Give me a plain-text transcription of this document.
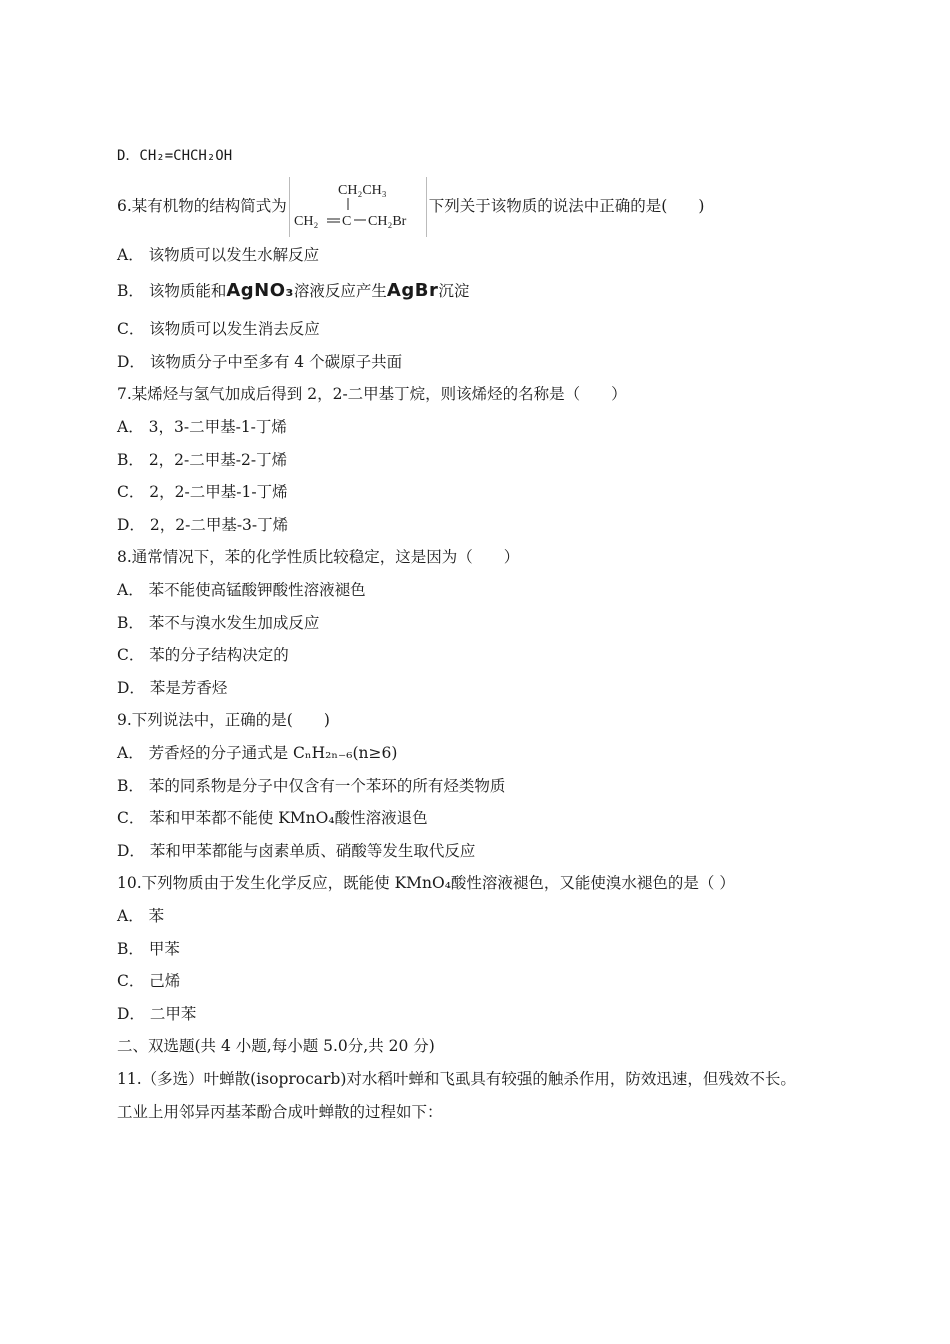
D．CH₂=CHCH₂OH
6.某有机物的结构简式为
CH₂CH₃
CH₂ C CH₂Br
下列关于该物质的说法中正确的是(　　)
A． 该物质可以发生水解反应
B． 该物质能和AgNO₃溶液反应产生AgBr沉淀
C． 该物质可以发生消去反应
D． 该物质分子中至多有 4 个碳原子共面
7.某烯烃与氢气加成后得到 2，2-二甲基丁烷，则该烯烃的名称是（　　）
A． 3，3-二甲基-1-丁烯
B． 2，2-二甲基-2-丁烯
C． 2，2-二甲基-1-丁烯
D． 2，2-二甲基-3-丁烯
8.通常情况下，苯的化学性质比较稳定，这是因为（　　）
A． 苯不能使高锰酸钾酸性溶液褪色
B． 苯不与溴水发生加成反应
C． 苯的分子结构决定的
D． 苯是芳香烃
9.下列说法中，正确的是(　　)
A． 芳香烃的分子通式是 CₙH₂ₙ₋₆(n≥6)
B． 苯的同系物是分子中仅含有一个苯环的所有烃类物质
C． 苯和甲苯都不能使 KMnO₄酸性溶液退色
D． 苯和甲苯都能与卤素单质、硝酸等发生取代反应
10.下列物质由于发生化学反应，既能使 KMnO₄酸性溶液褪色，又能使溴水褪色的是（ ）
A． 苯
B． 甲苯
C． 己烯
D． 二甲苯
二、双选题(共 4 小题,每小题 5.0分,共 20 分)
11.（多选）叶蝉散(isoprocarb)对水稻叶蝉和飞虱具有较强的触杀作用，防效迅速，但残效不长。
工业上用邻异丙基苯酚合成叶蝉散的过程如下：
